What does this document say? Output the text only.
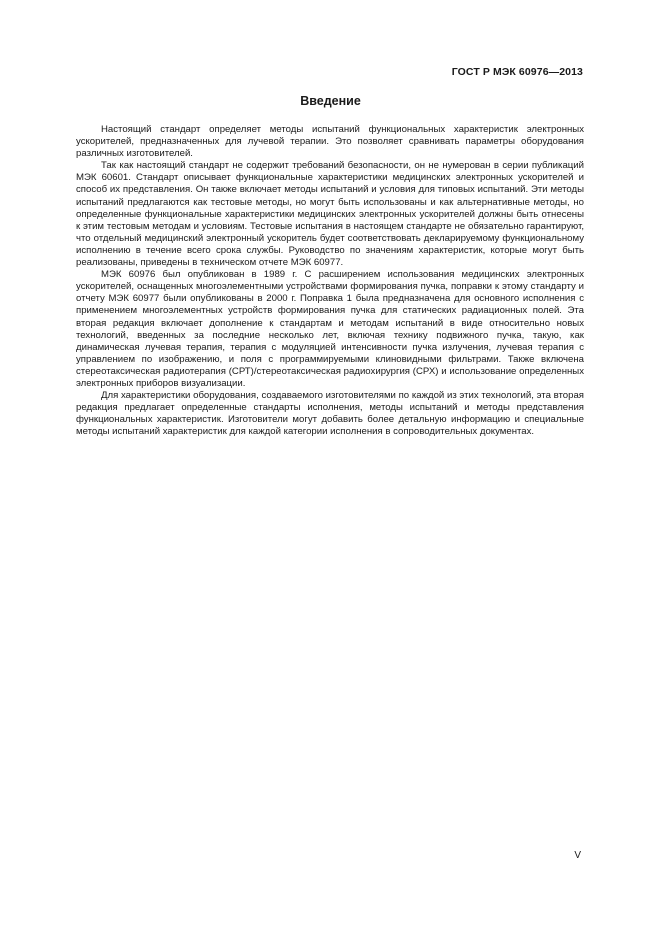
ГОСТ Р МЭК 60976—2013
Введение

Настоящий стандарт определяет методы испытаний функциональных характеристик электронных ускорителей, предназначенных для лучевой терапии. Это позволяет сравнивать параметры оборудования различных изготовителей.

Так как настоящий стандарт не содержит требований безопасности, он не нумерован в серии публикаций МЭК 60601. Стандарт описывает функциональные характеристики медицинских электронных ускорителей и способ их представления. Он также включает методы испытаний и условия для типовых испытаний. Эти методы испытаний предлагаются как тестовые методы, но могут быть использованы и как альтернативные методы, но определенные функциональные характеристики медицинских электронных ускорителей должны быть отнесены к этим тестовым методам и условиям. Тестовые испытания в настоящем стандарте не обязательно гарантируют, что отдельный медицинский электронный ускоритель будет соответствовать декларируемому функциональному исполнению в течение всего срока службы. Руководство по значениям характеристик, которые могут быть реализованы, приведены в техническом отчете МЭК 60977.

МЭК 60976 был опубликован в 1989 г. С расширением использования медицинских электронных ускорителей, оснащенных многоэлементными устройствами формирования пучка, поправки к этому стандарту и отчету МЭК 60977 были опубликованы в 2000 г. Поправка 1 была предназначена для основного исполнения с применением многоэлементных устройств формирования пучка для статических радиационных полей. Эта вторая редакция включает дополнение к стандартам и методам испытаний в виде относительно новых технологий, введенных за последние несколько лет, включая технику подвижного пучка, такую, как динамическая лучевая терапия, терапия с модуляцией интенсивности пучка излучения, лучевая терапия с управлением по изображению, и поля с программируемыми клиновидными фильтрами. Также включена стереотаксическая радиотерапия (СРТ)/стереотаксическая радиохирургия (СРХ) и использование определенных электронных приборов визуализации.

Для характеристики оборудования, создаваемого изготовителями по каждой из этих технологий, эта вторая редакция предлагает определенные стандарты исполнения, методы испытаний и методы представления функциональных характеристик. Изготовители могут добавить более детальную информацию и специальные методы испытаний характеристик для каждой категории исполнения в сопроводительных документах.

V
